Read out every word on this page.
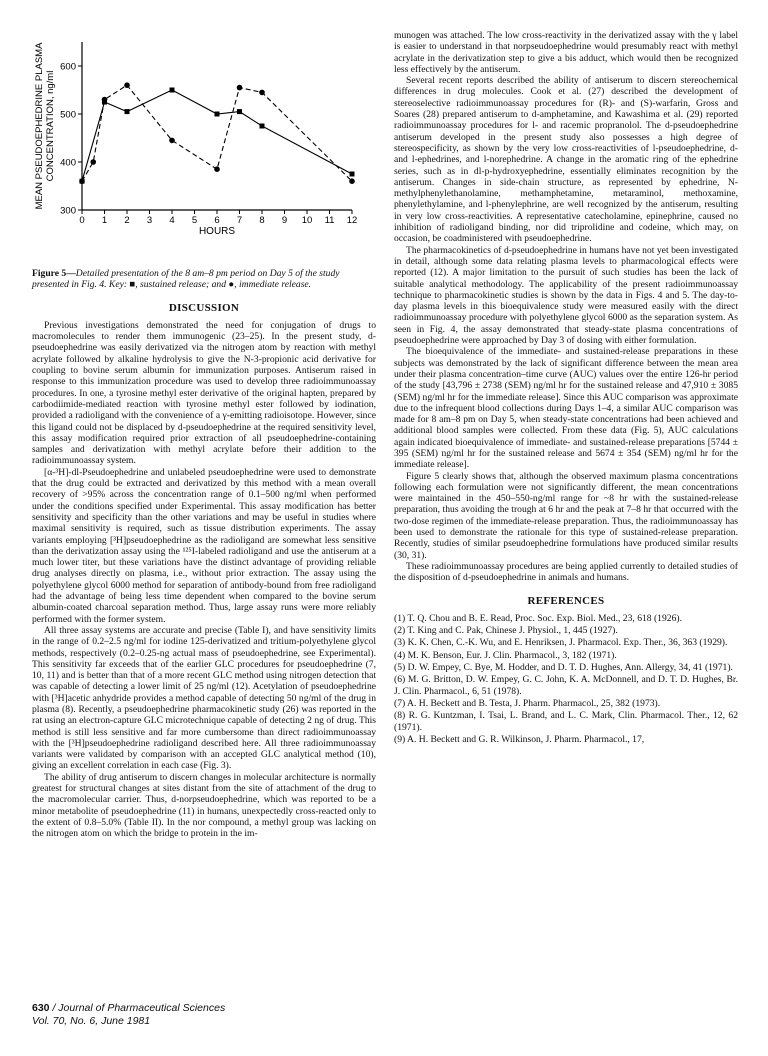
300
400
500
600
0 1 2 3 4 5 6 7 8 9 10 11 12
HOURS
MEAN PSEUDOEPHEDRINE PLASMA CONCENTRATION, ng/ml
Figure 5—Detailed presentation of the 8 am–8 pm period on Day 5 of the study presented in Fig. 4. Key: ■, sustained release; and ●, immediate release.
DISCUSSION

Previous investigations demonstrated the need for conjugation of drugs to macromolecules to render them immunogenic (23–25). In the present study, d-pseudoephedrine was easily derivatized via the nitrogen atom by reaction with methyl acrylate followed by alkaline hydrolysis to give the N-3-propionic acid derivative for coupling to bovine serum albumin for immunization purposes. Antiserum raised in response to this immunization procedure was used to develop three radioimmunoassay procedures. In one, a tyrosine methyl ester derivative of the original hapten, prepared by carbodiimide-mediated reaction with tyrosine methyl ester followed by iodination, provided a radioligand with the convenience of a γ-emitting radioisotope. However, since this ligand could not be displaced by d-pseudoephedrine at the required sensitivity level, this assay modification required prior extraction of all pseudoephedrine-containing samples and derivatization with methyl acrylate before their addition to the radioimmunoassay system.

[α-³H]-dl-Pseudoephedrine and unlabeled pseudoephedrine were used to demonstrate that the drug could be extracted and derivatized by this method with a mean overall recovery of >95% across the concentration range of 0.1–500 ng/ml when performed under the conditions specified under Experimental. This assay modification has better sensitivity and specificity than the other variations and may be useful in studies where maximal sensitivity is required, such as tissue distribution experiments. The assay variants employing [³H]pseudoephedrine as the radioligand are somewhat less sensitive than the derivatization assay using the ¹²⁵I-labeled radioligand and use the antiserum at a much lower titer, but these variations have the distinct advantage of providing reliable drug analyses directly on plasma, i.e., without prior extraction. The assay using the polyethylene glycol 6000 method for separation of antibody-bound from free radioligand had the advantage of being less time dependent when compared to the bovine serum albumin-coated charcoal separation method. Thus, large assay runs were more reliably performed with the former system.

All three assay systems are accurate and precise (Table I), and have sensitivity limits in the range of 0.2–2.5 ng/ml for iodine 125-derivatized and tritium-polyethylene glycol methods, respectively (0.2–0.25-ng actual mass of pseudoephedrine, see Experimental). This sensitivity far exceeds that of the earlier GLC procedures for pseudoephedrine (7, 10, 11) and is better than that of a more recent GLC method using nitrogen detection that was capable of detecting a lower limit of 25 ng/ml (12). Acetylation of pseudoephedrine with [³H]acetic anhydride provides a method capable of detecting 50 ng/ml of the drug in plasma (8). Recently, a pseudoephedrine pharmacokinetic study (26) was reported in the rat using an electron-capture GLC microtechnique capable of detecting 2 ng of drug. This method is still less sensitive and far more cumbersome than direct radioimmunoassay with the [³H]pseudoephedrine radioligand described here. All three radioimmunoassay variants were validated by comparison with an accepted GLC analytical method (10), giving an excellent correlation in each case (Fig. 3).

The ability of drug antiserum to discern changes in molecular architecture is normally greatest for structural changes at sites distant from the site of attachment of the drug to the macromolecular carrier. Thus, d-norpseudoephedrine, which was reported to be a minor metabolite of pseudoephedrine (11) in humans, unexpectedly cross-reacted only to the extent of 0.8–5.0% (Table II). In the nor compound, a methyl group was lacking on the nitrogen atom on which the bridge to protein in the im-

munogen was attached. The low cross-reactivity in the derivatized assay with the γ label is easier to understand in that norpseudoephedrine would presumably react with methyl acrylate in the derivatization step to give a bis adduct, which would then be recognized less effectively by the antiserum.

Several recent reports described the ability of antiserum to discern stereochemical differences in drug molecules. Cook et al. (27) described the development of stereoselective radioimmunoassay procedures for (R)- and (S)-warfarin, Gross and Soares (28) prepared antiserum to d-amphetamine, and Kawashima et al. (29) reported radioimmunoassay procedures for l- and racemic propranolol. The d-pseudoephedrine antiserum developed in the present study also possesses a high degree of stereospecificity, as shown by the very low cross-reactivities of l-pseudoephedrine, d- and l-ephedrines, and l-norephedrine. A change in the aromatic ring of the ephedrine series, such as in dl-p-hydroxyephedrine, essentially eliminates recognition by the antiserum. Changes in side-chain structure, as represented by ephedrine, N-methylphenylethanolamine, methamphetamine, metaraminol, methoxamine, phenylethylamine, and l-phenylephrine, are well recognized by the antiserum, resulting in very low cross-reactivities. A representative catecholamine, epinephrine, caused no inhibition of radioligand binding, nor did triprolidine and codeine, which may, on occasion, be coadministered with pseudoephedrine.

The pharmacokinetics of d-pseudoephedrine in humans have not yet been investigated in detail, although some data relating plasma levels to pharmacological effects were reported (12). A major limitation to the pursuit of such studies has been the lack of suitable analytical methodology. The applicability of the present radioimmunoassay technique to pharmacokinetic studies is shown by the data in Figs. 4 and 5. The day-to-day plasma levels in this bioequivalence study were measured easily with the direct radioimmunoassay procedure with polyethylene glycol 6000 as the separation system. As seen in Fig. 4, the assay demonstrated that steady-state plasma concentrations of pseudoephedrine were approached by Day 3 of dosing with either formulation.

The bioequivalence of the immediate- and sustained-release preparations in these subjects was demonstrated by the lack of significant difference between the mean area under their plasma concentration–time curve (AUC) values over the entire 126-hr period of the study [43,796 ± 2738 (SEM) ng/ml hr for the sustained release and 47,910 ± 3085 (SEM) ng/ml hr for the immediate release]. Since this AUC comparison was approximate due to the infrequent blood collections during Days 1–4, a similar AUC comparison was made for 8 am–8 pm on Day 5, when steady-state concentrations had been achieved and additional blood samples were collected. From these data (Fig. 5), AUC calculations again indicated bioequivalence of immediate- and sustained-release preparations [5744 ± 395 (SEM) ng/ml hr for the sustained release and 5674 ± 354 (SEM) ng/ml hr for the immediate release].

Figure 5 clearly shows that, although the observed maximum plasma concentrations following each formulation were not significantly different, the mean concentrations were maintained in the 450–550-ng/ml range for ~8 hr with the sustained-release preparation, thus avoiding the trough at 6 hr and the peak at 7–8 hr that occurred with the two-dose regimen of the immediate-release preparation. Thus, the radioimmunoassay has been used to demonstrate the rationale for this type of sustained-release preparation. Recently, studies of similar pseudoephedrine formulations have produced similar results (30, 31).

These radioimmunoassay procedures are being applied currently to detailed studies of the disposition of d-pseudoephedrine in animals and humans.

REFERENCES

(1) T. Q. Chou and B. E. Read, Proc. Soc. Exp. Biol. Med., 23, 618 (1926).

(2) T. King and C. Pak, Chinese J. Physiol., 1, 445 (1927).

(3) K. K. Chen, C.-K. Wu, and E. Henriksen, J. Pharmacol. Exp. Ther., 36, 363 (1929).

(4) M. K. Benson, Eur. J. Clin. Pharmacol., 3, 182 (1971).

(5) D. W. Empey, C. Bye, M. Hodder, and D. T. D. Hughes, Ann. Allergy, 34, 41 (1971).

(6) M. G. Britton, D. W. Empey, G. C. John, K. A. McDonnell, and D. T. D. Hughes, Br. J. Clin. Pharmacol., 6, 51 (1978).

(7) A. H. Beckett and B. Testa, J. Pharm. Pharmacol., 25, 382 (1973).

(8) R. G. Kuntzman, I. Tsai, L. Brand, and L. C. Mark, Clin. Pharmacol. Ther., 12, 62 (1971).

(9) A. H. Beckett and G. R. Wilkinson, J. Pharm. Pharmacol., 17,

630 / Journal of Pharmaceutical Sciences
Vol. 70, No. 6, June 1981
